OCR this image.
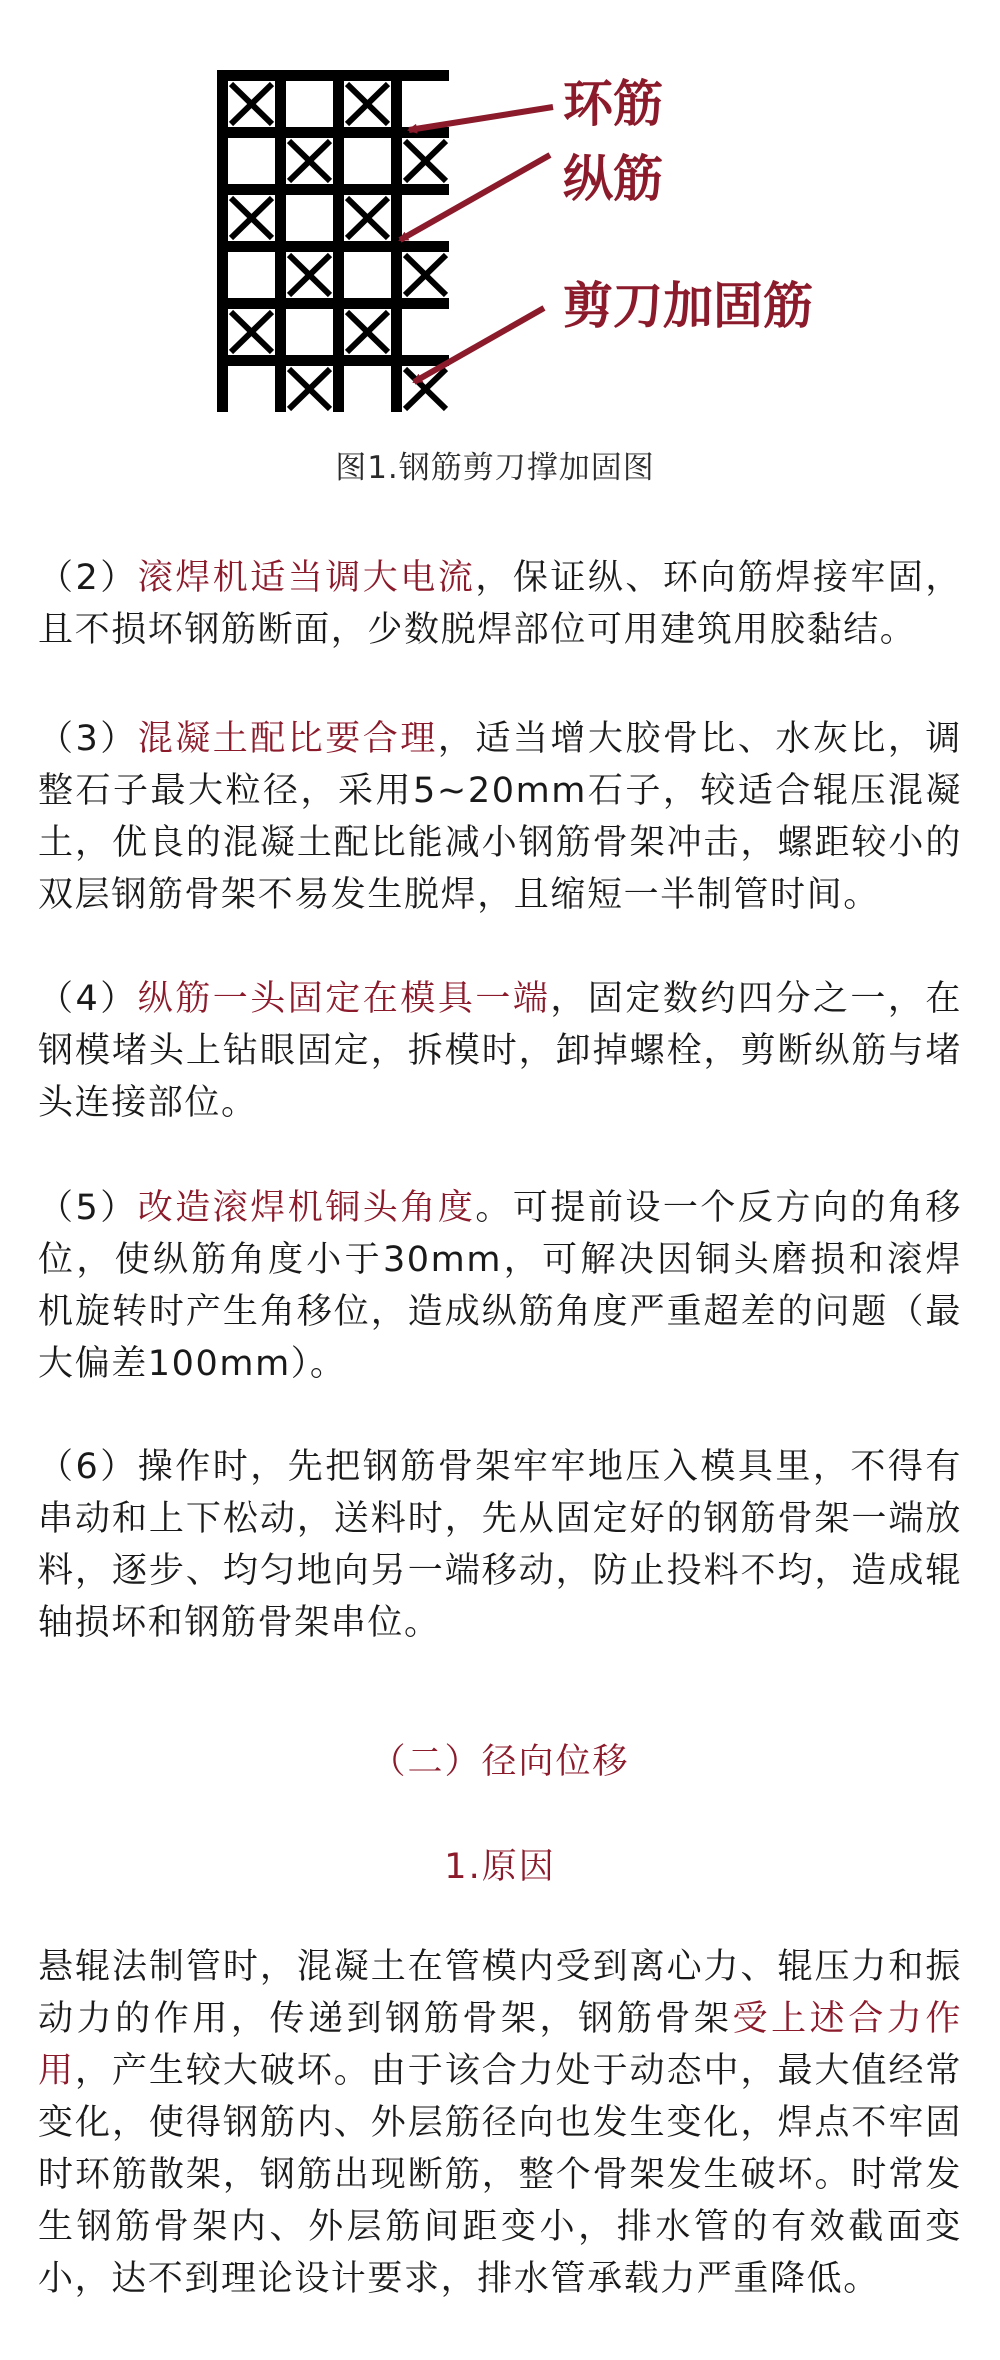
环筋
纵筋
剪刀加固筋
图1.钢筋剪刀撑加固图

（2）滚焊机适当调大电流，保证纵、环向筋焊接牢固，且不损坏钢筋断面，少数脱焊部位可用建筑用胶黏结。

（3）混凝土配比要合理，适当增大胶骨比、水灰比，调整石子最大粒径，采用5~20mm石子，较适合辊压混凝土，优良的混凝土配比能减小钢筋骨架冲击，螺距较小的双层钢筋骨架不易发生脱焊，且缩短一半制管时间。

（4）纵筋一头固定在模具一端，固定数约四分之一，在钢模堵头上钻眼固定，拆模时，卸掉螺栓，剪断纵筋与堵头连接部位。

（5）改造滚焊机铜头角度。可提前设一个反方向的角移位，使纵筋角度小于30mm，可解决因铜头磨损和滚焊机旋转时产生角移位，造成纵筋角度严重超差的问题（最大偏差100mm）。

（6）操作时，先把钢筋骨架牢牢地压入模具里，不得有串动和上下松动，送料时，先从固定好的钢筋骨架一端放料，逐步、均匀地向另一端移动，防止投料不均，造成辊轴损坏和钢筋骨架串位。

（二）径向位移
1.原因

悬辊法制管时，混凝土在管模内受到离心力、辊压力和振动力的作用，传递到钢筋骨架，钢筋骨架受上述合力作用，产生较大破坏。由于该合力处于动态中，最大值经常变化，使得钢筋内、外层筋径向也发生变化，焊点不牢固时环筋散架，钢筋出现断筋，整个骨架发生破坏。时常发生钢筋骨架内、外层筋间距变小，排水管的有效截面变小，达不到理论设计要求，排水管承载力严重降低。
